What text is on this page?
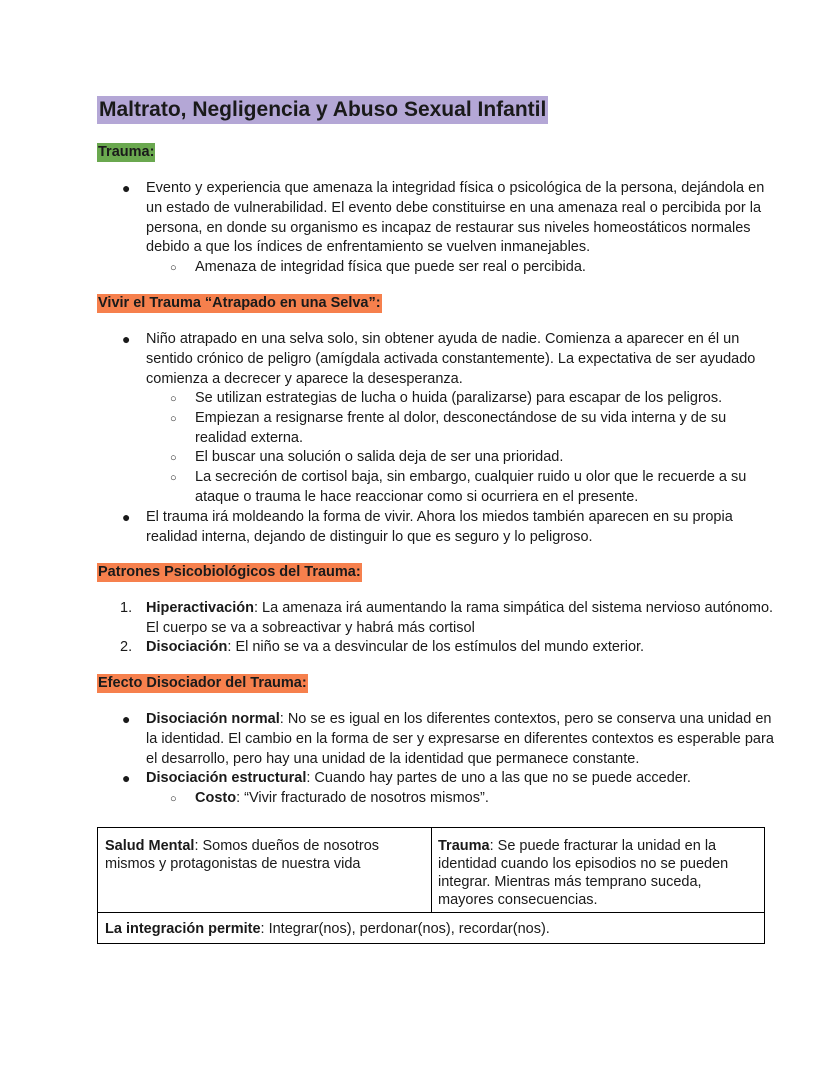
Maltrato, Negligencia y Abuso Sexual Infantil
Trauma:
● Evento y experiencia que amenaza la integridad física o psicológica de la persona, dejándola en un estado de vulnerabilidad. El evento debe constituirse en una amenaza real o percibida por la persona, en donde su organismo es incapaz de restaurar sus niveles homeostáticos normales debido a que los índices de enfrentamiento se vuelven inmanejables.
○ Amenaza de integridad física que puede ser real o percibida.
Vivir el Trauma “Atrapado en una Selva”:
● Niño atrapado en una selva solo, sin obtener ayuda de nadie. Comienza a aparecer en él un sentido crónico de peligro (amígdala activada constantemente). La expectativa de ser ayudado comienza a decrecer y aparece la desesperanza.
○ Se utilizan estrategias de lucha o huida (paralizarse) para escapar de los peligros.
○ Empiezan a resignarse frente al dolor, desconectándose de su vida interna y de su realidad externa.
○ El buscar una solución o salida deja de ser una prioridad.
○ La secreción de cortisol baja, sin embargo, cualquier ruido u olor que le recuerde a su ataque o trauma le hace reaccionar como si ocurriera en el presente.
● El trauma irá moldeando la forma de vivir. Ahora los miedos también aparecen en su propia realidad interna, dejando de distinguir lo que es seguro y lo peligroso.
Patrones Psicobiológicos del Trauma:
1. Hiperactivación: La amenaza irá aumentando la rama simpática del sistema nervioso autónomo. El cuerpo se va a sobreactivar y habrá más cortisol
2. Disociación: El niño se va a desvincular de los estímulos del mundo exterior.
Efecto Disociador del Trauma:
● Disociación normal: No se es igual en los diferentes contextos, pero se conserva una unidad en la identidad. El cambio en la forma de ser y expresarse en diferentes contextos es esperable para el desarrollo, pero hay una unidad de la identidad que permanece constante.
● Disociación estructural: Cuando hay partes de uno a las que no se puede acceder.
○ Costo: “Vivir fracturado de nosotros mismos”.
Salud Mental: Somos dueños de nosotros mismos y protagonistas de nuestra vida
Trauma: Se puede fracturar la unidad en la identidad cuando los episodios no se pueden integrar. Mientras más temprano suceda, mayores consecuencias.
La integración permite: Integrar(nos), perdonar(nos), recordar(nos).
